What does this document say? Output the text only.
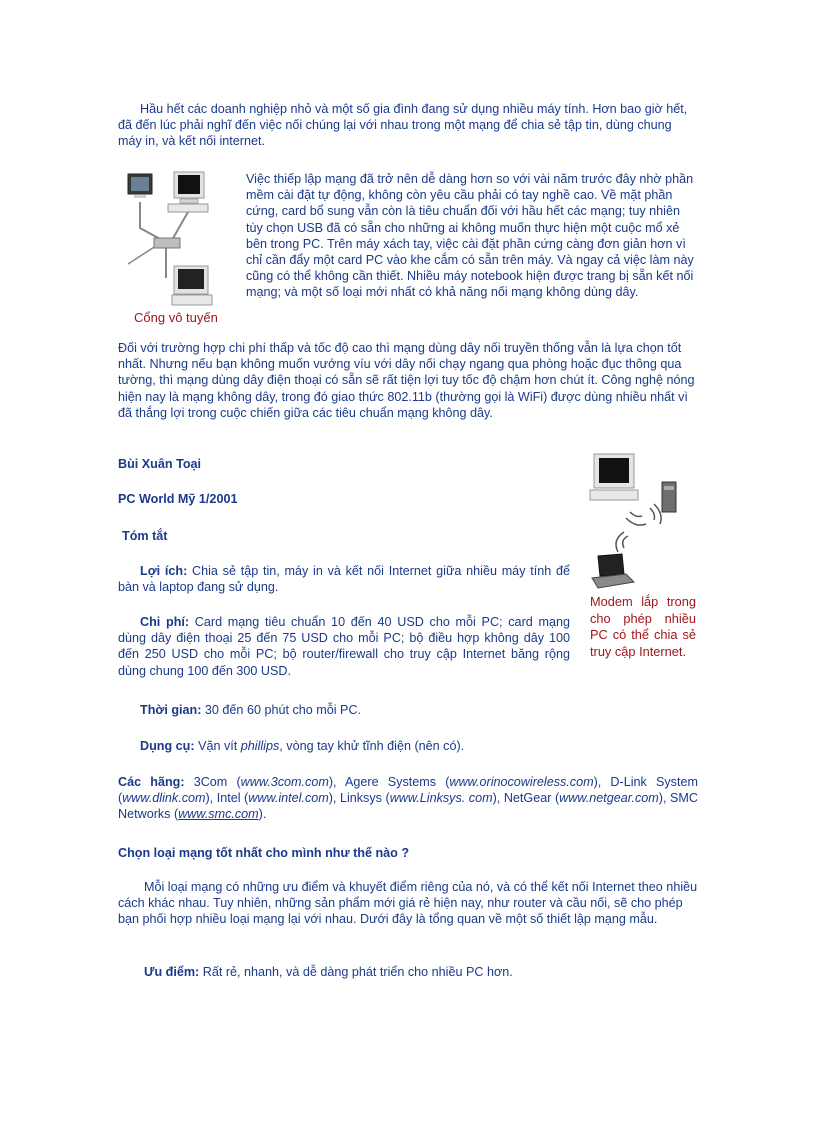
Hầu hết các doanh nghiệp nhỏ và một số gia đình đang sử dụng nhiều máy tính. Hơn bao giờ hết, đã đến lúc phải nghĩ đến việc nối chúng lại với nhau trong một mạng để chia sẻ tập tin, dùng chung máy in, và kết nối internet.

Cổng vô tuyến

Việc thiếp lập mạng đã trở nên dễ dàng hơn so với vài năm trước đây nhờ phần mềm cài đặt tự động, không còn yêu cầu phải có tay nghề cao. Về mặt phần cứng, card bổ sung vẫn còn là tiêu chuẩn đối với hầu hết các mạng; tuy nhiên tùy chọn USB đã có sẵn cho những ai không muốn thực hiện một cuộc mổ xẻ bên trong PC. Trên máy xách tay, việc cài đặt phần cứng càng đơn giản hơn vì chỉ cần đẩy một card PC vào khe cắm có sẵn trên máy. Và ngay cả việc làm này cũng có thể không cần thiết. Nhiều máy notebook hiện được trang bị sẵn kết nối mạng; và một số loại mới nhất có khả năng nối mạng không dùng dây.

Đối với trường hợp chi phí thấp và tốc độ cao thì mạng dùng dây nối truyền thống vẫn là lựa chọn tốt nhất. Nhưng nếu bạn không muốn vướng víu với dây nối chạy ngang qua phòng hoặc đục thông qua tường, thì mạng dùng dây điện thoại có sẵn sẽ rất tiện lợi tuy tốc độ chậm hơn chút ít. Công nghệ nóng hiện nay là mạng không dây, trong đó giao thức 802.11b (thường gọi là WiFi) được dùng nhiều nhất vì đã thắng lợi trong cuộc chiến giữa các tiêu chuẩn mạng không dây.

Bùi Xuân Toại

PC World Mỹ 1/2001

Tóm tắt

Lợi ích: Chia sẻ tập tin, máy in và kết nối Internet giữa nhiều máy tính để bàn và laptop đang sử dụng.

Chi phí: Card mạng tiêu chuẩn 10 đến 40 USD cho mỗi PC; card mạng dùng dây điện thoại 25 đến 75 USD cho mỗi PC; bộ điều hợp không dây 100 đến 250 USD cho mỗi PC; bộ router/firewall cho truy cập Internet băng rộng dùng chung 100 đến 300 USD.

Modem lắp trong cho phép nhiều PC có thể chia sẻ truy cập Internet.

Thời gian: 30 đến 60 phút cho mỗi PC.

Dụng cụ: Vặn vít phillips, vòng tay khử tĩnh điện (nên có).

Các hãng: 3Com (www.3com.com), Agere Systems (www.orinocowireless.com), D-Link System (www.dlink.com), Intel (www.intel.com), Linksys (www.Linksys. com), NetGear (www.netgear.com), SMC Networks (www.smc.com).

Chọn loại mạng tốt nhất cho mình như thế nào ?

Mỗi loại mạng có những ưu điểm và khuyết điểm riêng của nó, và có thể kết nối Internet theo nhiều cách khác nhau. Tuy nhiên, những sản phẩm mới giá rẻ hiện nay, như router và cầu nối, sẽ cho phép bạn phối hợp nhiều loại mạng lại với nhau. Dưới đây là tổng quan về một số thiết lập mạng mẫu.

Ưu điểm: Rất rẻ, nhanh, và dễ dàng phát triển cho nhiều PC hơn.
